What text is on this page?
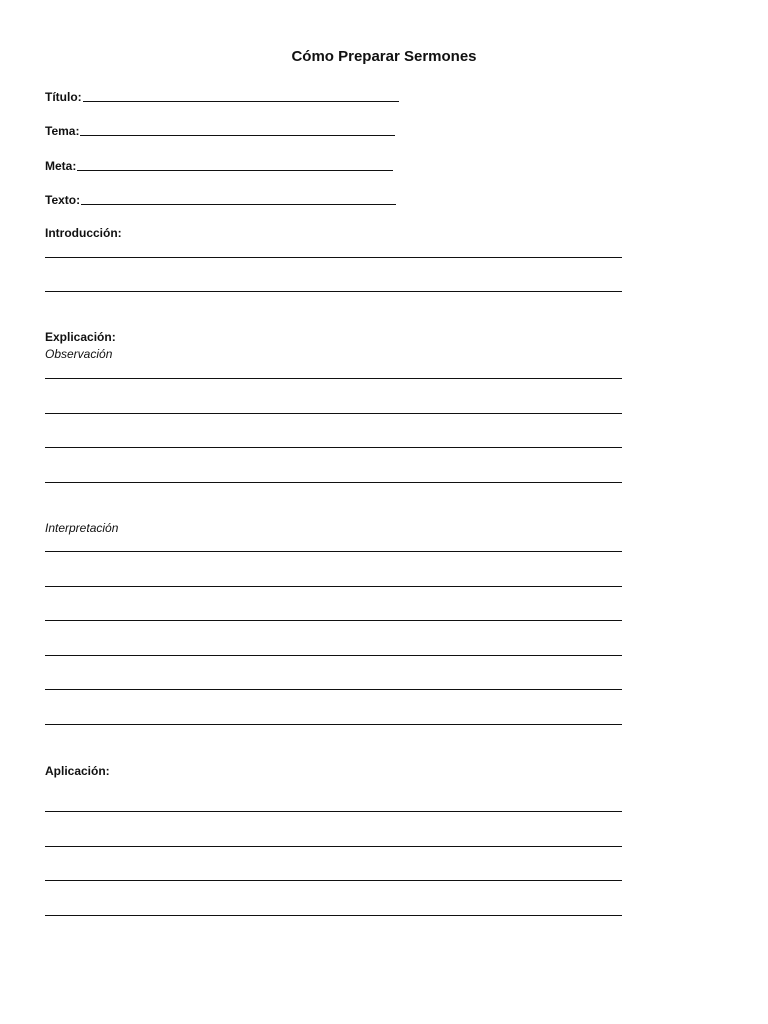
Cómo Preparar Sermones
Título:
Tema:
Meta:
Texto:
Introducción:
Explicación:
Observación
Interpretación
Aplicación:
